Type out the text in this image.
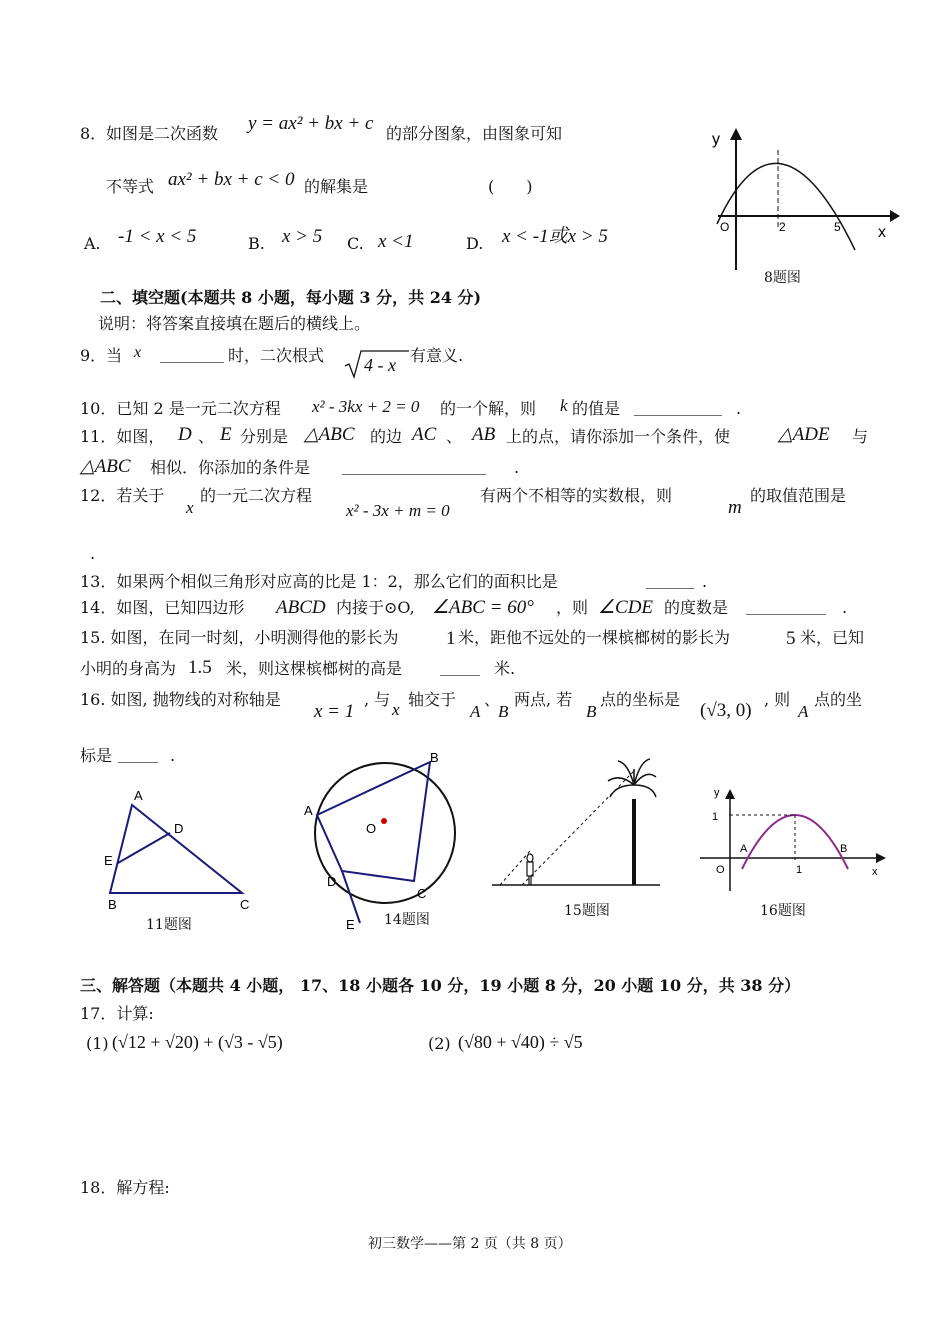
8． 如图是二次函数 y = ax² + bx + c 的部分图象，由图象可知
不等式 ax² + bx + c < 0 的解集是	(　　)
A. -1 < x < 5	B. x > 5 C. x <1	D. x < -1或x > 5
y
x
O	2	5
8题图
二、填空题(本题共 8 小题，每小题 3 分，共 24 分)
说明：将答案直接填在题后的横线上。
9．当 x ________ 时，二次根式 4 - x 有意义.
10．已知 2 是一元二次方程 x² - 3kx + 2 = 0 的一个解，则 k 的值是 ___________ .
11．如图， D 、 E 分别是 △ABC 的边 AC 、 AB 上的点，请你添加一个条件，使	△ADE 与
△ABC 相似．你添加的条件是 __________________ .
12．若关于
x
的一元二次方程
x² - 3x + m = 0
有两个不相等的实数根，则
m
的取值范围是
.
13．如果两个相似三角形对应高的比是 1：2，那么它们的面积比是	______ .
14．如图，已知四边形 ABCD 内接于⊙O, ∠ABC = 60° ，则 ∠CDE 的度数是 __________ .
15. 如图，在同一时刻，小明测得他的影长为 1 米，距他不远处的一棵槟榔树的影长为	5 米，已知
小明的身高为 1.5 米，则这棵槟榔树的高是 _____ 米.
16. 如图, 抛物线的对称轴是
x = 1
, 与
x
轴交于
A
、
B
两点, 若
B
点的坐标是
(√3, 0)
, 则
A
点的坐
标是 _____ .
A
D
E
B	C
11题图
A
B
O
D
C
E 14题图
15题图
y
1
A	B
O	1	x
16题图
三、解答题（本题共 4 小题， 17、18 小题各 10 分，19 小题 8 分，20 小题 10 分，共 38 分）
17．计算:
(1) (√12 + √20) + (√3 - √5)	(2) (√80 + √40) ÷ √5
18．解方程:
初三数学——第 2 页（共 8 页）
